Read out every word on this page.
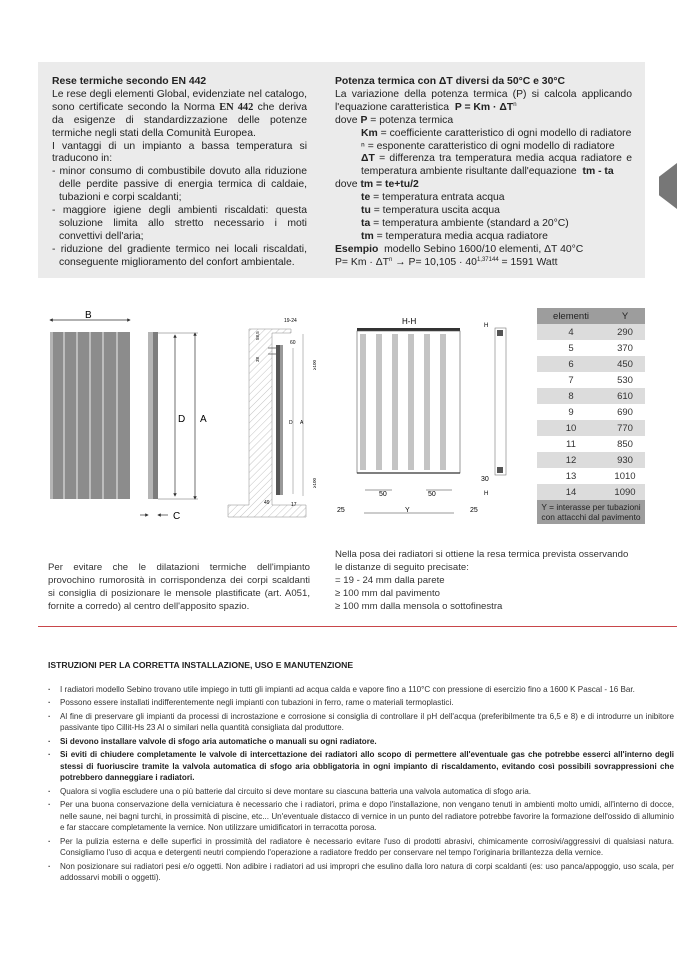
Rese termiche secondo EN 442

Le rese degli elementi Global, evidenziate nel catalogo, sono certificate secondo la Norma EN 442 che deriva da esigenze di standardizzazione delle potenze termiche negli stati della Comunità Europea.

I vantaggi di un impianto a bassa temperatura si traducono in:

- minor consumo di combustibile dovuto alla riduzione delle perdite passive di energia termica di caldaie, tubazioni e corpi scaldanti;

- maggiore igiene degli ambienti riscaldati: questa soluzione limita allo stretto necessario i moti convettivi dell'aria;

- riduzione del gradiente termico nei locali riscaldati, conseguente miglioramento del confort ambientale.

Potenza termica con ΔT diversi da 50°C e 30°C

La variazione della potenza termica (P) si calcola applicando l'equazione caratteristica $P = Km \cdot \Delta T^n$

dove P = potenza termica

Km = coefficiente caratteristico di ogni modello di radiatore

ⁿ = esponente caratteristico di ogni modello di radiatore

ΔT = differenza tra temperatura media acqua radiatore e temperatura ambiente risultante dall'equazione tm - ta

dove tm = te+tu/2

te = temperatura entrata acqua

tu = temperatura uscita acqua

ta = temperatura ambiente (standard a 20°C)

tm = temperatura media acqua radiatore

Esempio modello Sebino 1600/10 elementi, ΔT 40°C

$P= Km \cdot \Delta T^n \to P= 10,105 \cdot 40^{1,37144} = 1591$ Watt

B
D A
C
19-24
60
58,5
38
≥100
≥100
49	17
D A
H-H
50	50
Y
25	25
H
H
30
elementi	Y
4	290
5	370
6	450
7	530
8	610
9	690
10	770
11	850
12	930
13	1010
14	1090
Y = interasse per tubazioni con attacchi dal pavimento	
Per evitare che le dilatazioni termiche dell'impianto provochino rumorosità in corrispondenza dei corpi scaldanti si consiglia di posizionare le mensole plastificate (art. A051, fornite a corredo) al centro dell'apposito spazio.
Nella posa dei radiatori si ottiene la resa termica prevista osservando le distanze di seguito precisate:
= 19 - 24 mm dalla parete
≥ 100 mm dal pavimento
≥ 100 mm dalla mensola o sottofinestra
ISTRUZIONI PER LA CORRETTA INSTALLAZIONE, USO E MANUTENZIONE
· I radiatori modello Sebino trovano utile impiego in tutti gli impianti ad acqua calda e vapore fino a 110°C con pressione di esercizio fino a 1600 K Pascal - 16 Bar.
· Possono essere installati indifferentemente negli impianti con tubazioni in ferro, rame o materiali termoplastici.
· Al fine di preservare gli impianti da processi di incrostazione e corrosione si consiglia di controllare il pH dell'acqua (preferibilmente tra 6,5 e 8) e di introdurre un inibitore passivante tipo Cillit-Hs 23 Al o similari nella quantità consigliata dal produttore.
· Si devono installare valvole di sfogo aria automatiche o manuali su ogni radiatore.
· Si eviti di chiudere completamente le valvole di intercettazione dei radiatori allo scopo di permettere all'eventuale gas che potrebbe esserci all'interno degli stessi di fuoriuscire tramite la valvola automatica di sfogo aria obbligatoria in ogni impianto di riscaldamento, evitando così possibili sovrappressioni che potrebbero danneggiare i radiatori.
· Qualora si voglia escludere una o più batterie dal circuito si deve montare su ciascuna batteria una valvola automatica di sfogo aria.
· Per una buona conservazione della verniciatura è necessario che i radiatori, prima e dopo l'installazione, non vengano tenuti in ambienti molto umidi, all'interno di docce, nelle saune, nei bagni turchi, in prossimità di piscine, etc... Un'eventuale distacco di vernice in un punto del radiatore potrebbe favorire la formazione dell'ossido di alluminio e far staccare completamente la vernice. Non utilizzare umidificatori in terracotta porosa.
· Per la pulizia esterna e delle superfici in prossimità del radiatore è necessario evitare l'uso di prodotti abrasivi, chimicamente corrosivi/aggressivi di qualsiasi natura. Consigliamo l'uso di acqua e detergenti neutri compiendo l'operazione a radiatore freddo per conservare nel tempo l'originaria brillantezza della vernice.
· Non posizionare sui radiatori pesi e/o oggetti. Non adibire i radiatori ad usi impropri che esulino dalla loro natura di corpi scaldanti (es: uso panca/appoggio, uso scala, per addossarvi mobili o oggetti).
